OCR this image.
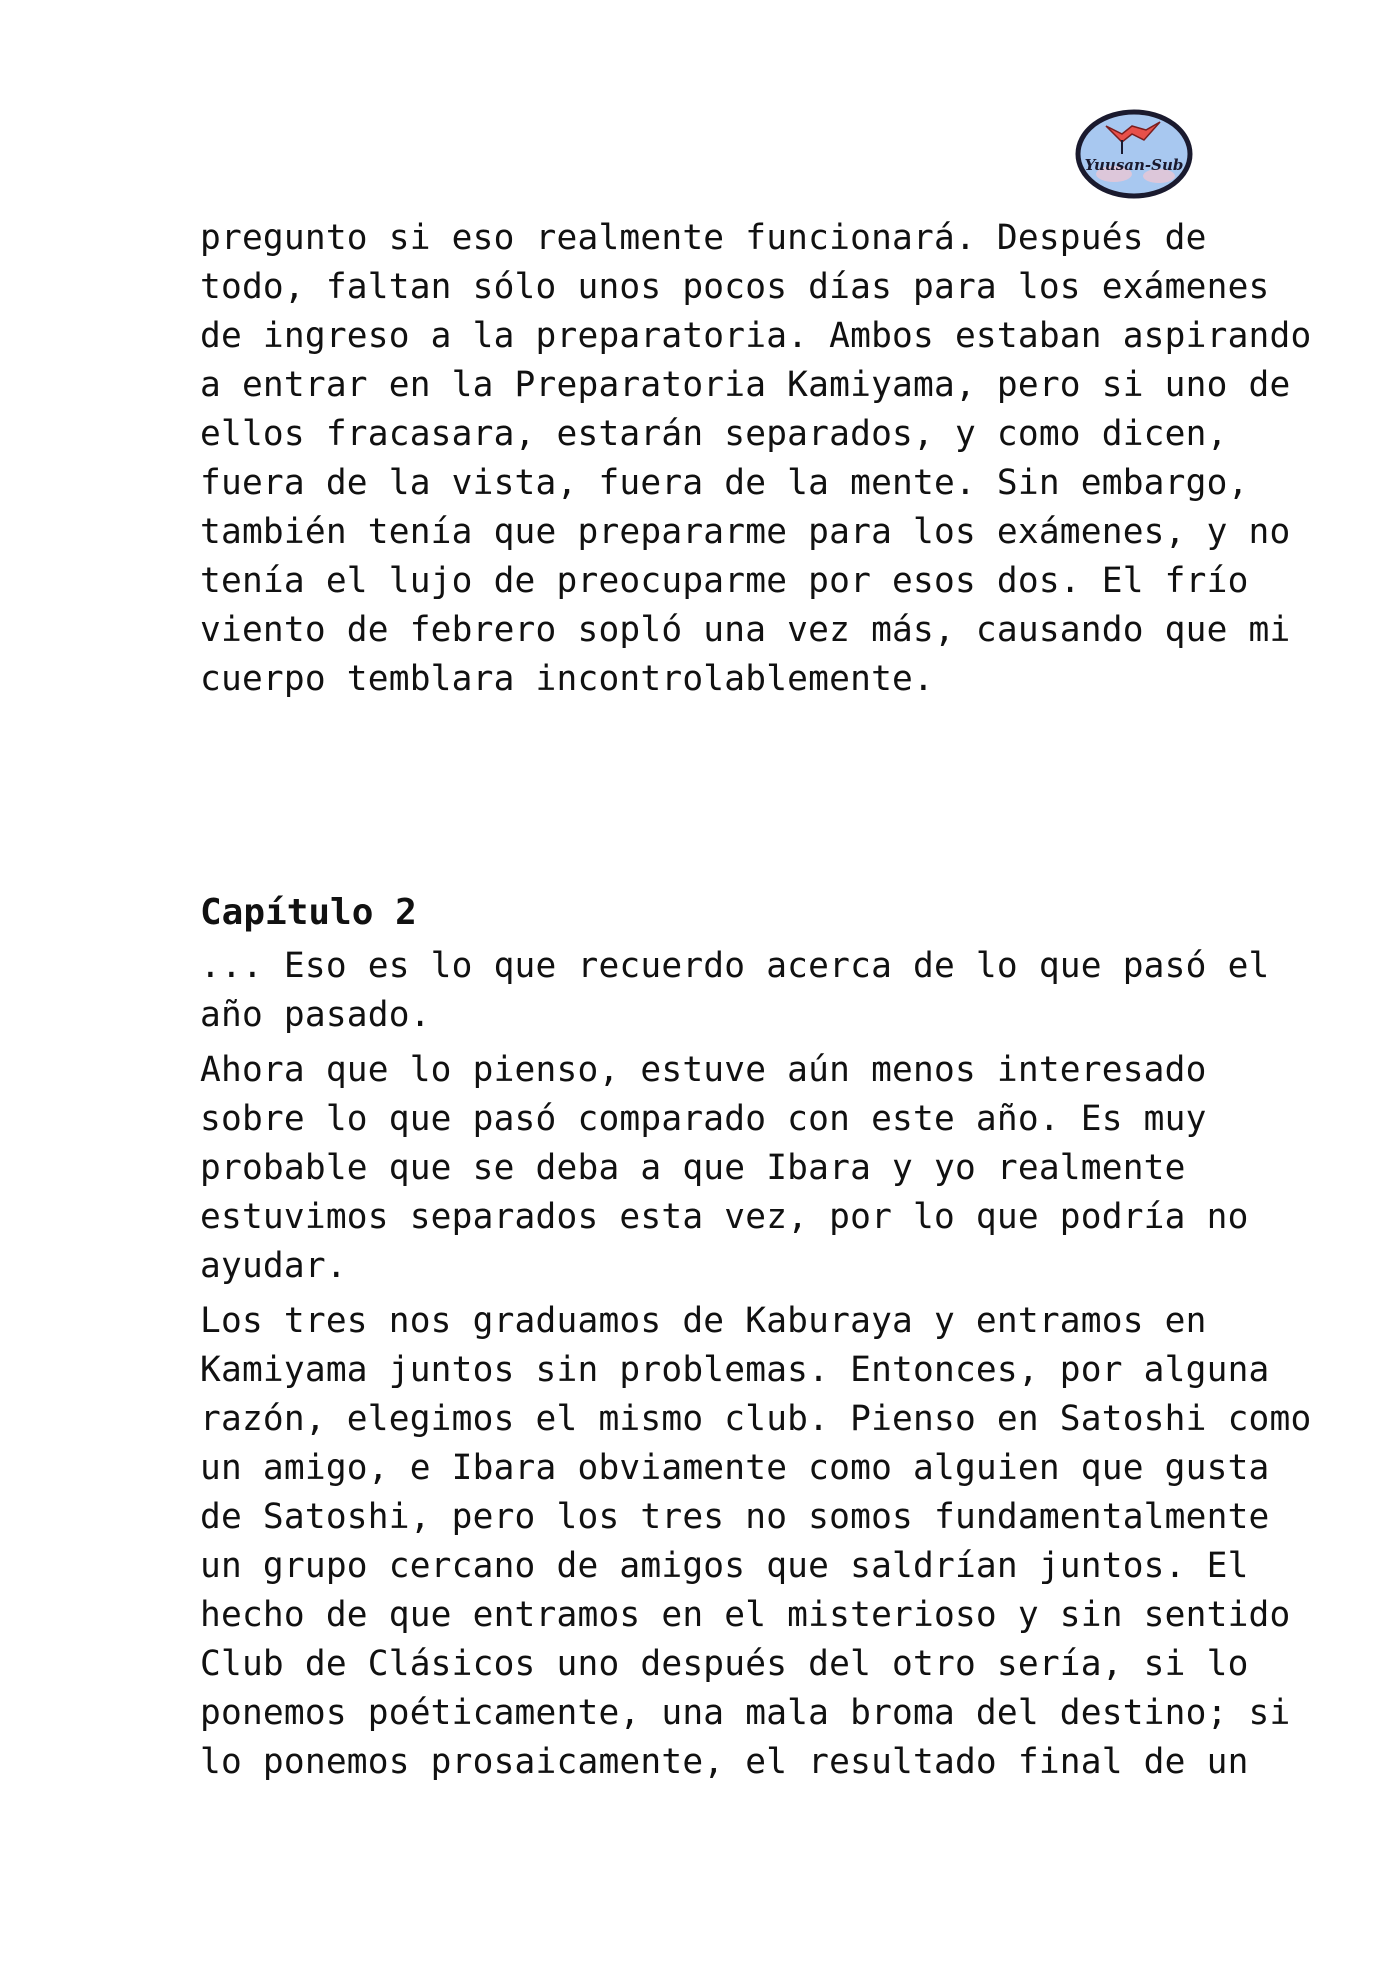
Yuusan-Sub

pregunto si eso realmente funcionará. Después de
todo, faltan sólo unos pocos días para los exámenes
de ingreso a la preparatoria. Ambos estaban aspirando
a entrar en la Preparatoria Kamiyama, pero si uno de
ellos fracasara, estarán separados, y como dicen,
fuera de la vista, fuera de la mente. Sin embargo,
también tenía que prepararme para los exámenes, y no
tenía el lujo de preocuparme por esos dos. El frío
viento de febrero sopló una vez más, causando que mi
cuerpo temblara incontrolablemente.

Capítulo 2

... Eso es lo que recuerdo acerca de lo que pasó el
año pasado.

Ahora que lo pienso, estuve aún menos interesado
sobre lo que pasó comparado con este año. Es muy
probable que se deba a que Ibara y yo realmente
estuvimos separados esta vez, por lo que podría no
ayudar.

Los tres nos graduamos de Kaburaya y entramos en
Kamiyama juntos sin problemas. Entonces, por alguna
razón, elegimos el mismo club. Pienso en Satoshi como
un amigo, e Ibara obviamente como alguien que gusta
de Satoshi, pero los tres no somos fundamentalmente
un grupo cercano de amigos que saldrían juntos. El
hecho de que entramos en el misterioso y sin sentido
Club de Clásicos uno después del otro sería, si lo
ponemos poéticamente, una mala broma del destino; si
lo ponemos prosaicamente, el resultado final de un
